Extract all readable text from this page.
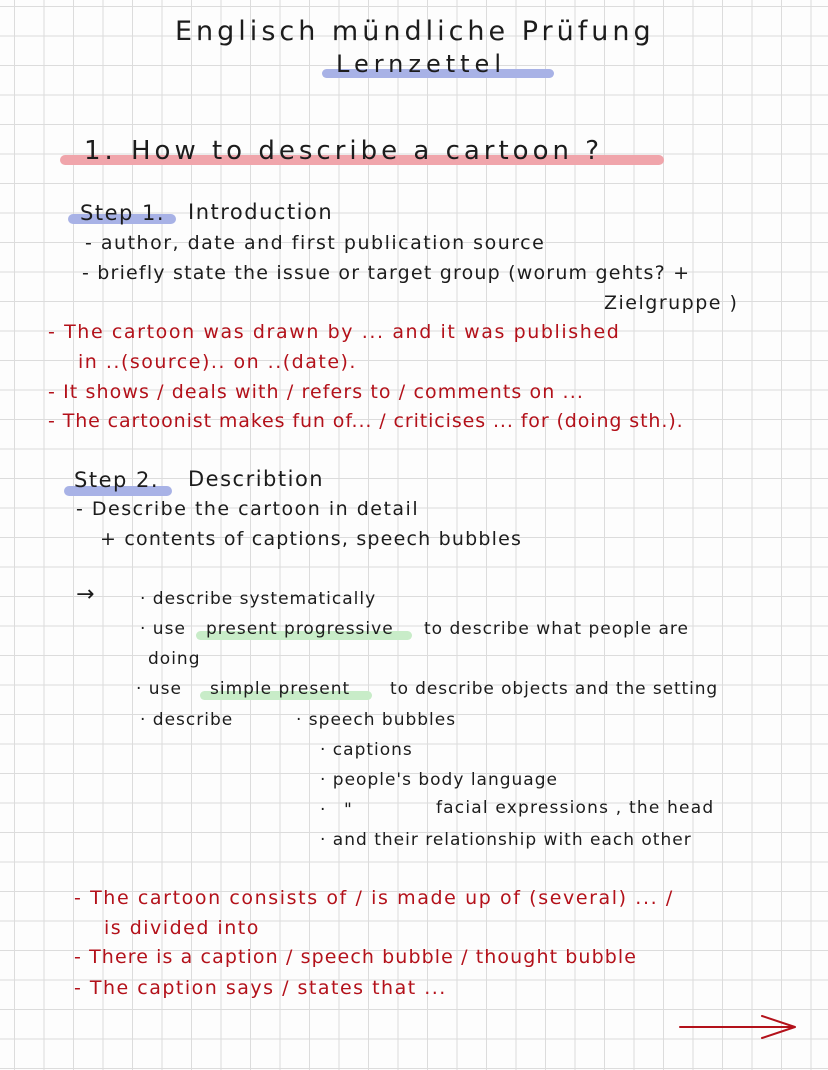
Englisch mündliche Prüfung
Lernzettel
1. How to describe a cartoon ?
Step 1. Introduction
- author, date and first publication source
- briefly state the issue or target group (worum gehts? +
Zielgruppe )
- The cartoon was drawn by ... and it was published
in ..(source).. on ..(date).
- It shows / deals with / refers to / comments on ...
- The cartoonist makes fun of... / criticises ... for (doing sth.).
Step 2. Describtion
- Describe the cartoon in detail
+ contents of captions, speech bubbles
→	· describe systematically
· use present progressive to describe what people are
doing
· use simple present to describe objects and the setting
· describe	· speech bubbles
· captions
· people's body language
· "	facial expressions , the head
· and their relationship with each other
- The cartoon consists of / is made up of (several) ... /
is divided into
- There is a caption / speech bubble / thought bubble
- The caption says / states that ...
